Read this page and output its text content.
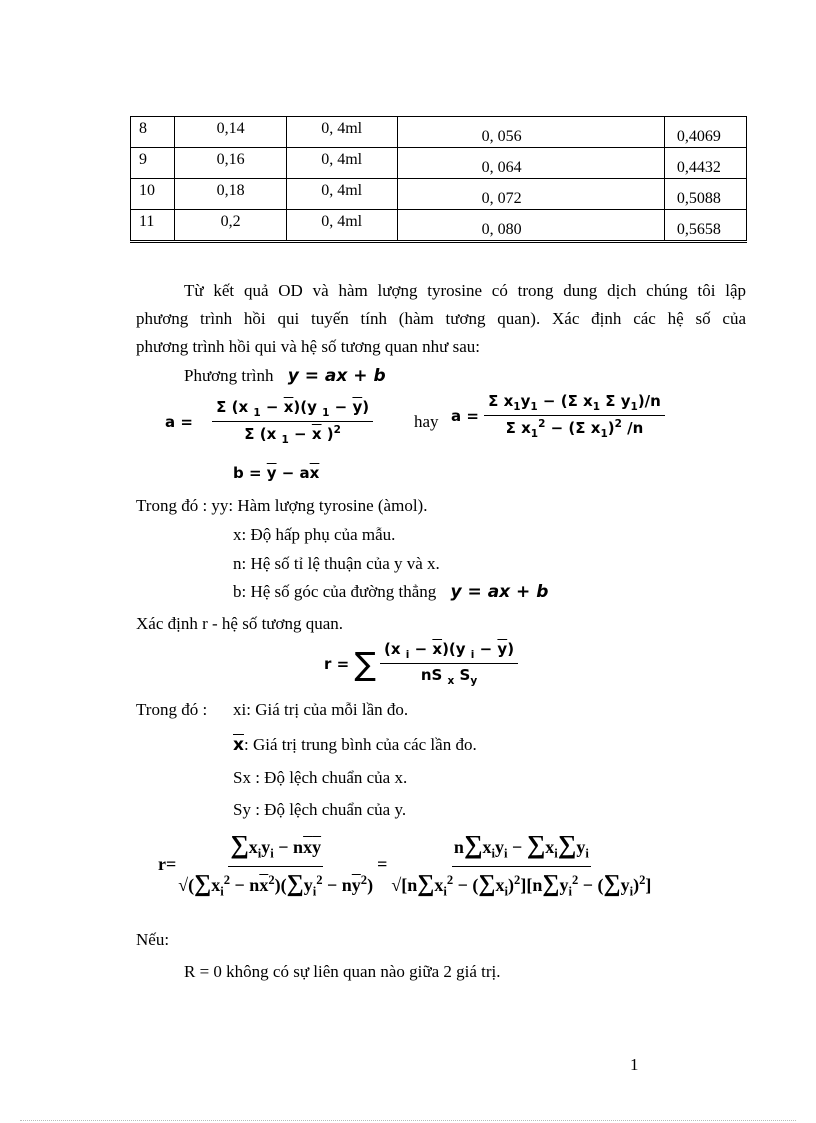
8	0,14	0, 4ml	0, 056	0,4069
9	0,16	0, 4ml	0, 064	0,4432
10	0,18	0, 4ml	0, 072	0,5088
11	0,2	0, 4ml	0, 080	0,5658
Từ kết quả OD và hàm lượng tyrosine có trong dung dịch chúng tôi lập
phương trình hồi qui tuyến tính (hàm tương quan). Xác định các hệ số của
phương trình hồi qui và hệ số tương quan như sau:
Phương trình y = ax + b
$a = \frac{\Sigma (x _1 - \overline{x})(y _1 - \overline{y})}{\Sigma (x _1 - \overline{x} )^2}$ hay $a = \frac{\Sigma x_1y_1 - (\Sigma x_1 \Sigma y_1)/n}{\Sigma x_1^2 - (\Sigma x_1)^2 /n}$
$b = \overline{y} - a\overline{x}$
Trong đó : yy: Hàm lượng tyrosine (àmol).
x: Độ hấp phụ của mẫu.
n: Hệ số tỉ lệ thuận của y và x.
b: Hệ số góc của đường thẳng y = ax + b
Xác định r - hệ số tương quan.
r = ∑ $\frac{(x _i - \overline{x})(y _i - \overline{y})}{nS _x S_y}$
Trong đó : xi: Giá trị của mỗi lần đo.
$\overline{x}$: Giá trị trung bình của các lần đo.
Sx : Độ lệch chuẩn của x.
Sy : Độ lệch chuẩn của y.
$r= \frac{\sum x_iy_i - n\overline{x}\overline{y}}{√(\sum x_i^2 - n\overline{x}^2)(\sum y_i^2 - n\overline{y}^2)} = \frac{n\sum x_iy_i - \sum x_i\sum y_i}{√[n\sum x_i^2 - (\sum x_i)^2][n\sum y_i^2 - (\sum y_i)^2]}$
Nếu:
R = 0 không có sự liên quan nào giữa 2 giá trị.
1
